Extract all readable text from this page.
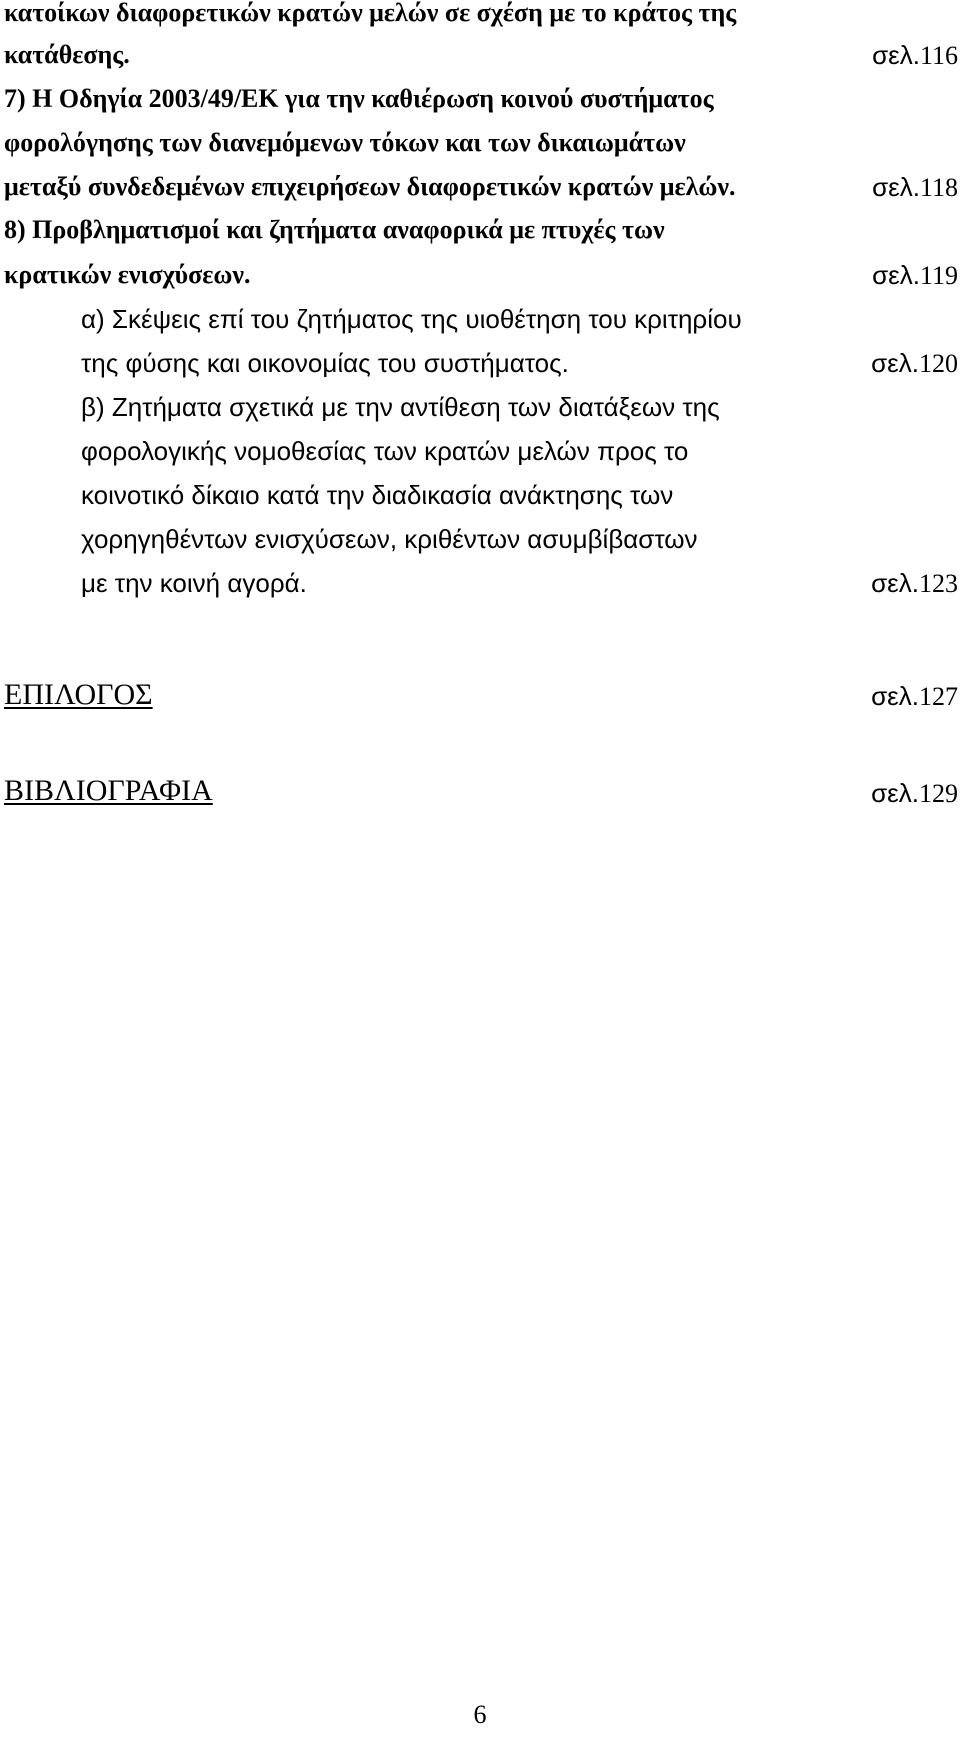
κατοίκων διαφορετικών κρατών μελών σε σχέση με το κράτος της
κατάθεσης.	σελ.116
7) Η Οδηγία 2003/49/ΕΚ για την καθιέρωση κοινού συστήματος
φορολόγησης των διανεμόμενων τόκων και των δικαιωμάτων
μεταξύ συνδεδεμένων επιχειρήσεων διαφορετικών κρατών μελών.	σελ.118
8) Προβληματισμοί και ζητήματα αναφορικά με πτυχές των
κρατικών ενισχύσεων.	σελ.119
α) Σκέψεις επί του ζητήματος της υιοθέτηση του κριτηρίου
της φύσης και οικονομίας του συστήματος.	σελ.120
β) Ζητήματα σχετικά με την αντίθεση των διατάξεων της
φορολογικής νομοθεσίας των κρατών μελών προς το
κοινοτικό δίκαιο κατά την διαδικασία ανάκτησης των
χορηγηθέντων ενισχύσεων, κριθέντων ασυμβίβαστων
με την κοινή αγορά.	σελ.123
ΕΠΙΛΟΓΟΣ	σελ.127
ΒΙΒΛΙΟΓΡΑΦΙΑ	σελ.129
6
